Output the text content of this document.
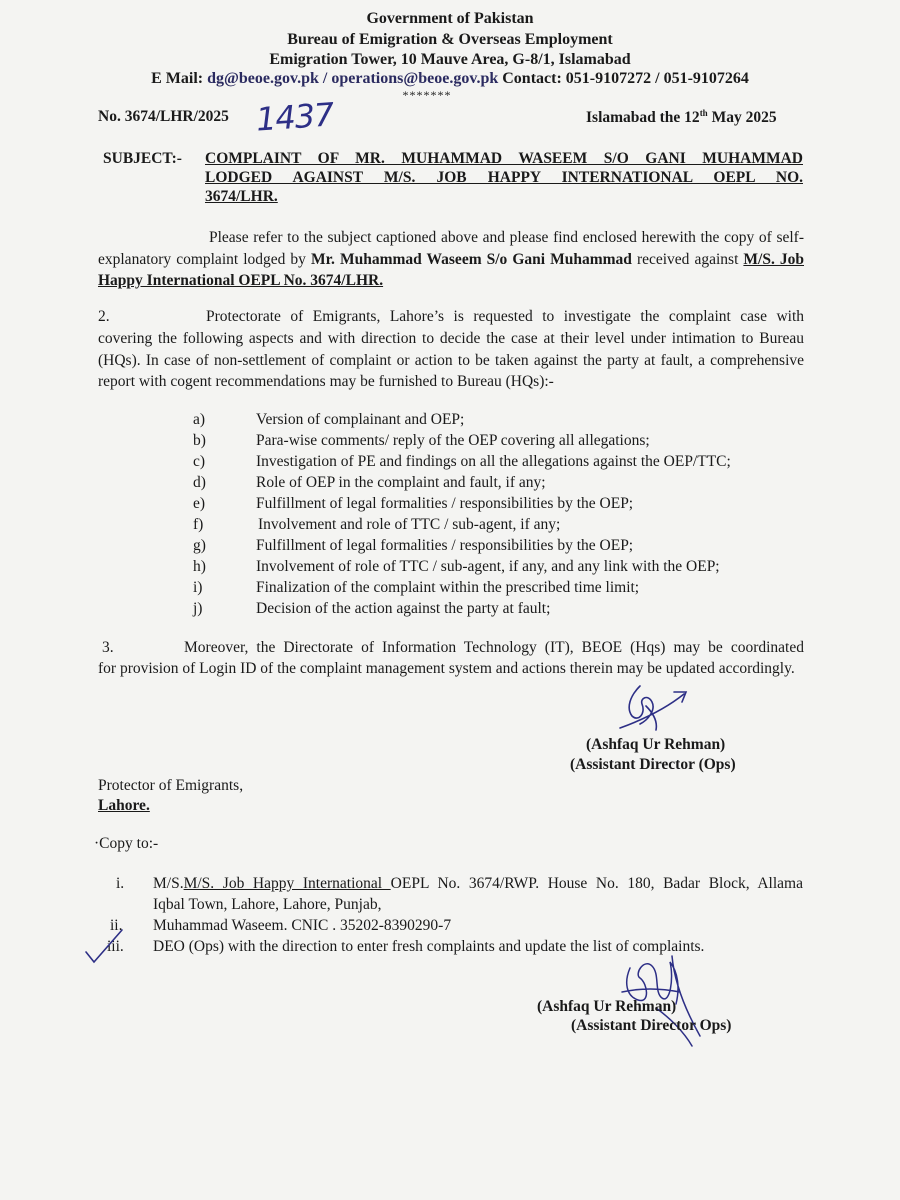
Government of Pakistan
Bureau of Emigration & Overseas Employment
Emigration Tower, 10 Mauve Area, G-8/1, Islamabad
E Mail: dg@beoe.gov.pk / operations@beoe.gov.pk Contact: 051-9107272 / 051-9107264
*******
No. 3674/LHR/2025 1437	Islamabad the 12th May 2025
SUBJECT:- COMPLAINT OF MR. MUHAMMAD WASEEM S/O GANI MUHAMMAD
LODGED AGAINST M/S. JOB HAPPY INTERNATIONAL OEPL NO.
3674/LHR.
Please refer to the subject captioned above and please find enclosed herewith the copy of self-explanatory complaint lodged by Mr. Muhammad Waseem S/o Gani Muhammad received against M/S. Job Happy International OEPL No. 3674/LHR.
2.	Protectorate of Emigrants, Lahore’s is requested to investigate the complaint case with
covering the following aspects and with direction to decide the case at their level under intimation to Bureau (HQs). In case of non-settlement of complaint or action to be taken against the party at fault, a comprehensive report with cogent recommendations may be furnished to Bureau (HQs):-
a)	Version of complainant and OEP;
b)	Para-wise comments/ reply of the OEP covering all allegations;
c)	Investigation of PE and findings on all the allegations against the OEP/TTC;
d)	Role of OEP in the complaint and fault, if any;
e)	Fulfillment of legal formalities / responsibilities by the OEP;
f)	Involvement and role of TTC / sub-agent, if any;
g)	Fulfillment of legal formalities / responsibilities by the OEP;
h)	Involvement of role of TTC / sub-agent, if any, and any link with the OEP;
i)	Finalization of the complaint within the prescribed time limit;
j)	Decision of the action against the party at fault;
3.	Moreover, the Directorate of Information Technology (IT), BEOE (Hqs) may be coordinated
for provision of Login ID of the complaint management system and actions therein may be updated accordingly.
(Ashfaq Ur Rehman)
(Assistant Director (Ops)
Protector of Emigrants,
Lahore.
·Copy to:-
i. M/S.M/S. Job Happy International OEPL No. 3674/RWP. House No. 180, Badar Block, Allama
Iqbal Town, Lahore, Lahore, Punjab,
ii. Muhammad Waseem. CNIC . 35202-8390290-7
iii. DEO (Ops) with the direction to enter fresh complaints and update the list of complaints.
(Ashfaq Ur Rehman)
(Assistant Director Ops)
